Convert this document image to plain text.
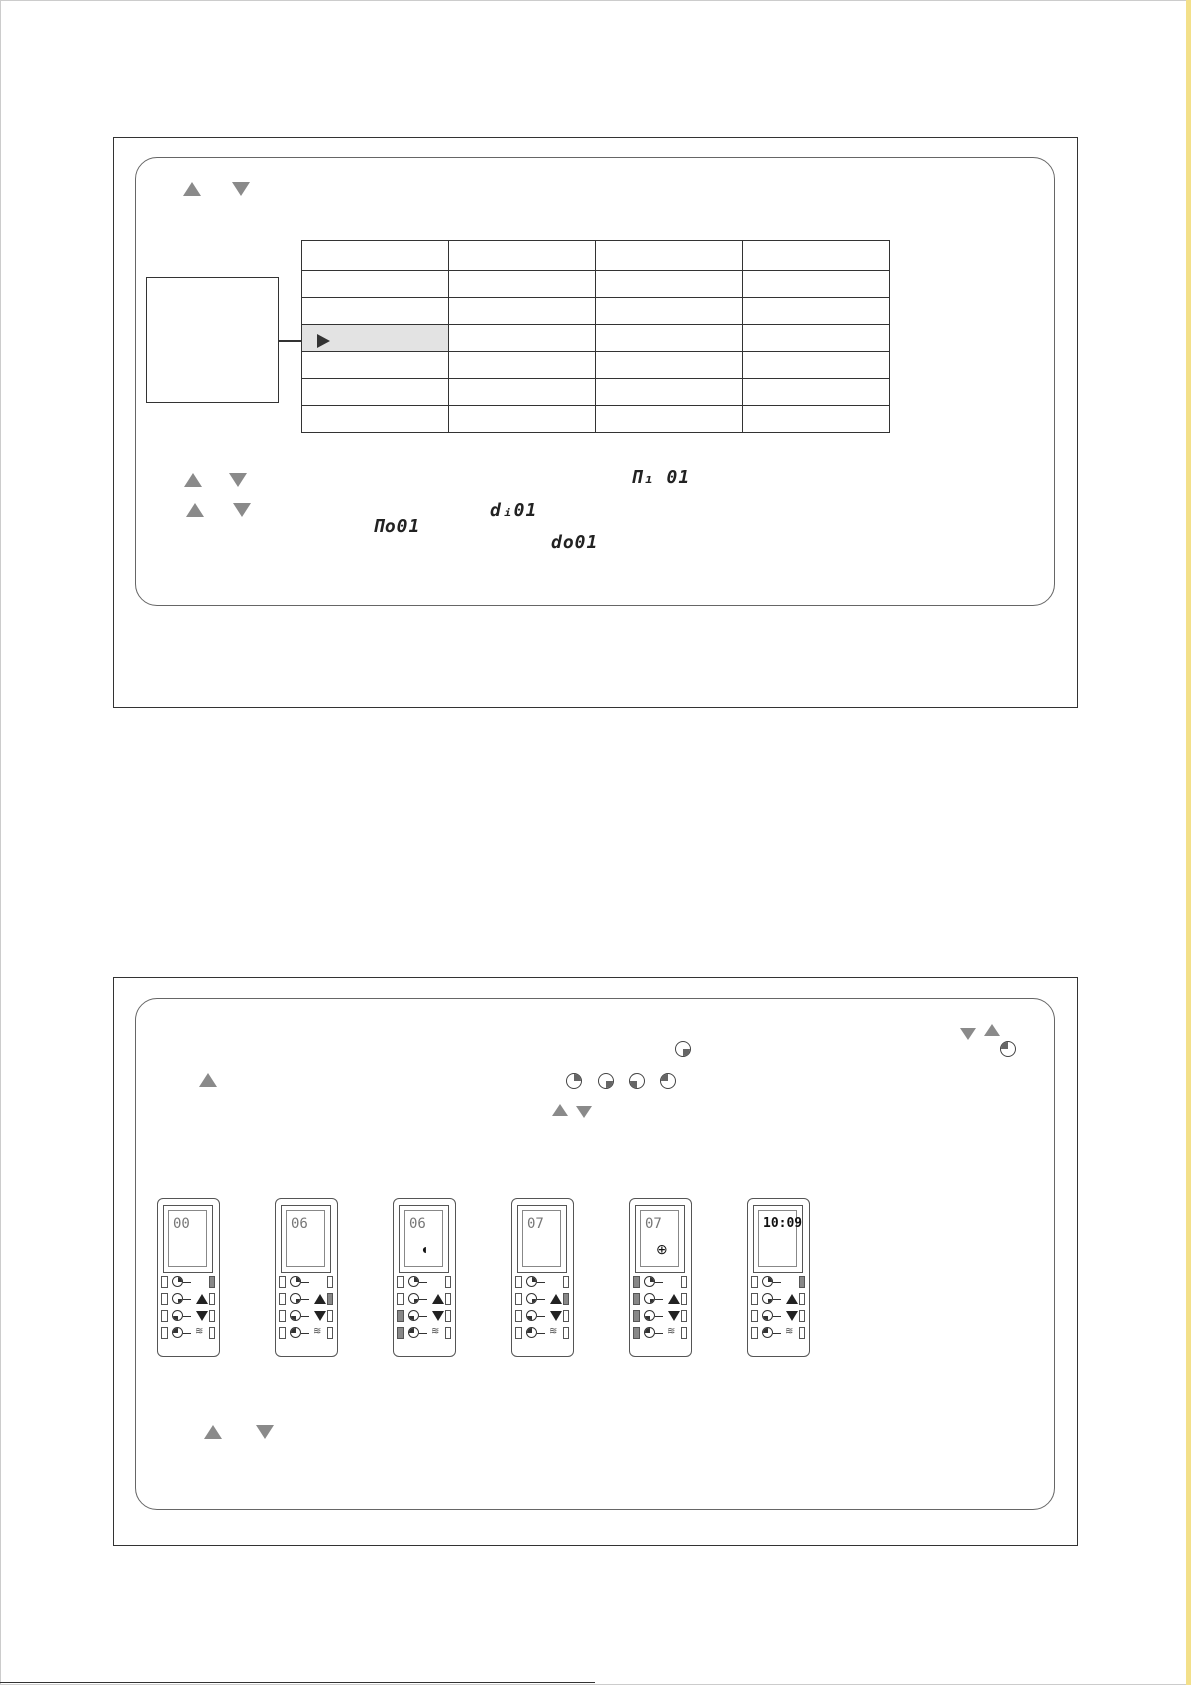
Π₁ 01
dᵢ01
Πo01
do01
00
≋
06
≋
06
◖
≋
07
≋
07
⊕
≋
10:09
≋
